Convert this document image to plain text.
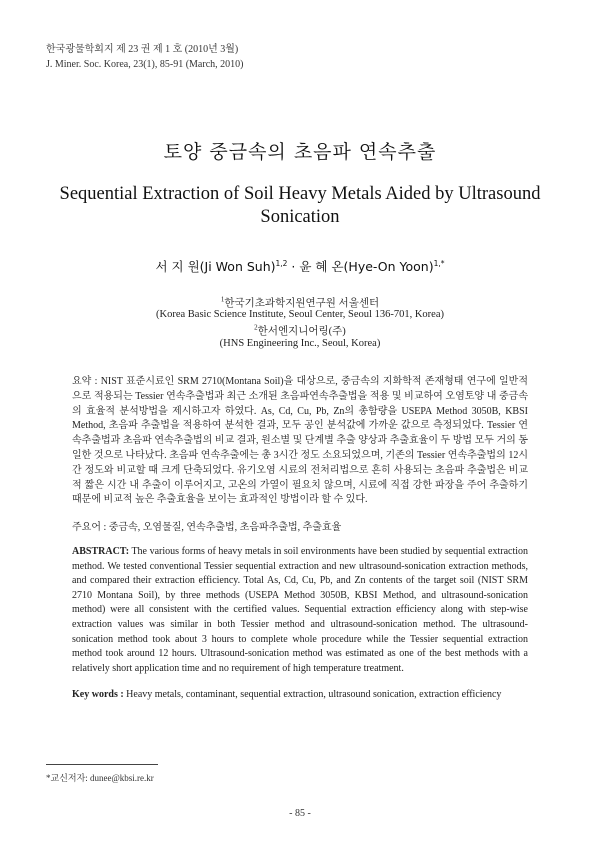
한국광물학회지 제 23 권 제 1 호 (2010년 3월)
J. Miner. Soc. Korea, 23(1), 85-91 (March, 2010)
토양 중금속의 초음파 연속추출
Sequential Extraction of Soil Heavy Metals Aided by Ultrasound Sonication
서 지 원(Ji Won Suh)$^{1,2}$ · 윤 혜 온(Hye-On Yoon)$^{1,*}$
$^1$한국기초과학지원연구원 서울센터
(Korea Basic Science Institute, Seoul Center, Seoul 136-701, Korea)
$^2$한서엔지니어링(주)
(HNS Engineering Inc., Seoul, Korea)
요약 : NIST 표준시료인 SRM 2710(Montana Soil)을 대상으로, 중금속의 지화학적 존재형태 연구에 일반적으로 적용되는 Tessier 연속추출법과 최근 소개된 초음파연속추출법을 적용 및 비교하여 오염토양 내 중금속의 효율적 분석방법을 제시하고자 하였다. As, Cd, Cu, Pb, Zn의 총함량을 USEPA Method 3050B, KBSI Method, 초음파 추출법을 적용하여 분석한 결과, 모두 공인 분석값에 가까운 값으로 측정되었다. Tessier 연속추출법과 초음파 연속추출법의 비교 결과, 원소별 및 단계별 추출 양상과 추출효율이 두 방법 모두 거의 동일한 것으로 나타났다. 초음파 연속추출에는 총 3시간 정도 소요되었으며, 기존의 Tessier 연속추출법의 12시간 정도와 비교할 때 크게 단축되었다. 유기오염 시료의 전처리법으로 흔히 사용되는 초음파 추출법은 비교적 짧은 시간 내 추출이 이루어지고, 고온의 가열이 필요치 않으며, 시료에 직접 강한 파장을 주어 추출하기 때문에 비교적 높은 추출효율을 보이는 효과적인 방법이라 할 수 있다.
주요어 : 중금속, 오염물질, 연속추출법, 초음파추출법, 추출효율
ABSTRACT: The various forms of heavy metals in soil environments have been studied by sequential extraction method. We tested conventional Tessier sequential extraction and new ultrasound-sonication extraction methods, and compared their extraction efficiency. Total As, Cd, Cu, Pb, and Zn contents of the target soil (NIST SRM 2710 Montana Soil), by three methods (USEPA Method 3050B, KBSI Method, and ultrasound-sonication method) were all consistent with the certified values. Sequential extraction efficiency along with step-wise extraction values was similar in both Tessier method and ultrasound-sonication method. The ultrasound-sonication method took about 3 hours to complete whole procedure while the Tessier sequential extraction method took around 12 hours. Ultrasound-sonication method was estimated as one of the best methods with a relatively short application time and no requirement of high temperature treatment.
Key words : Heavy metals, contaminant, sequential extraction, ultrasound sonication, extraction efficiency
*교신저자: dunee@kbsi.re.kr
- 85 -
